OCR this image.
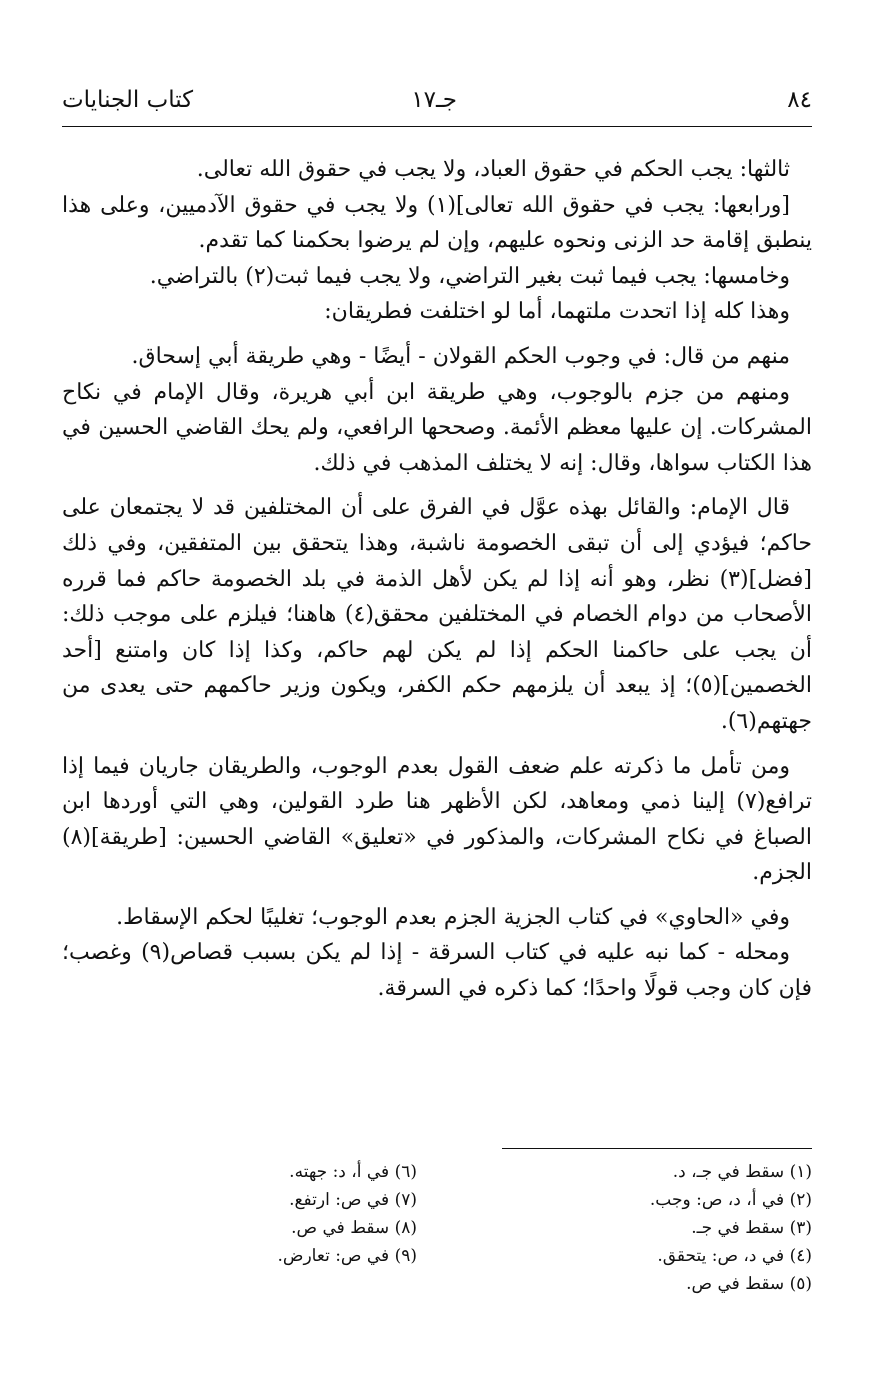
٨٤
جـ١٧
كتاب الجنايات

ثالثها: يجب الحكم في حقوق العباد، ولا يجب في حقوق الله تعالى.

[ورابعها: يجب في حقوق الله تعالى](١) ولا يجب في حقوق الآدميين، وعلى هذا ينطبق إقامة حد الزنى ونحوه عليهم، وإن لم يرضوا بحكمنا كما تقدم.

وخامسها: يجب فيما ثبت بغير التراضي، ولا يجب فيما ثبت(٢) بالتراضي.

وهذا كله إذا اتحدت ملتهما، أما لو اختلفت فطريقان:

منهم من قال: في وجوب الحكم القولان - أيضًا - وهي طريقة أبي إسحاق.

ومنهم من جزم بالوجوب، وهي طريقة ابن أبي هريرة، وقال الإمام في نكاح المشركات. إن عليها معظم الأئمة. وصححها الرافعي، ولم يحك القاضي الحسين في هذا الكتاب سواها، وقال: إنه لا يختلف المذهب في ذلك.

قال الإمام: والقائل بهذه عوَّل في الفرق على أن المختلفين قد لا يجتمعان على حاكم؛ فيؤدي إلى أن تبقى الخصومة ناشبة، وهذا يتحقق بين المتفقين، وفي ذلك [فضل](٣) نظر، وهو أنه إذا لم يكن لأهل الذمة في بلد الخصومة حاكم فما قرره الأصحاب من دوام الخصام في المختلفين محقق(٤) هاهنا؛ فيلزم على موجب ذلك: أن يجب على حاكمنا الحكم إذا لم يكن لهم حاكم، وكذا إذا كان وامتنع [أحد الخصمين](٥)؛ إذ يبعد أن يلزمهم حكم الكفر، ويكون وزير حاكمهم حتى يعدى من جهتهم(٦).

ومن تأمل ما ذكرته علم ضعف القول بعدم الوجوب، والطريقان جاريان فيما إذا ترافع(٧) إلينا ذمي ومعاهد، لكن الأظهر هنا طرد القولين، وهي التي أوردها ابن الصباغ في نكاح المشركات، والمذكور في «تعليق» القاضي الحسين: [طريقة](٨) الجزم.

وفي «الحاوي» في كتاب الجزية الجزم بعدم الوجوب؛ تغليبًا لحكم الإسقاط.

ومحله - كما نبه عليه في كتاب السرقة - إذا لم يكن بسبب قصاص(٩) وغصب؛ فإن كان وجب قولًا واحدًا؛ كما ذكره في السرقة.

(١) سقط في جـ، د.
(٢) في أ، د، ص: وجب.
(٣) سقط في جـ.
(٤) في د، ص: يتحقق.
(٥) سقط في ص.
(٦) في أ، د: جهته.
(٧) في ص: ارتفع.
(٨) سقط في ص.
(٩) في ص: تعارض.
